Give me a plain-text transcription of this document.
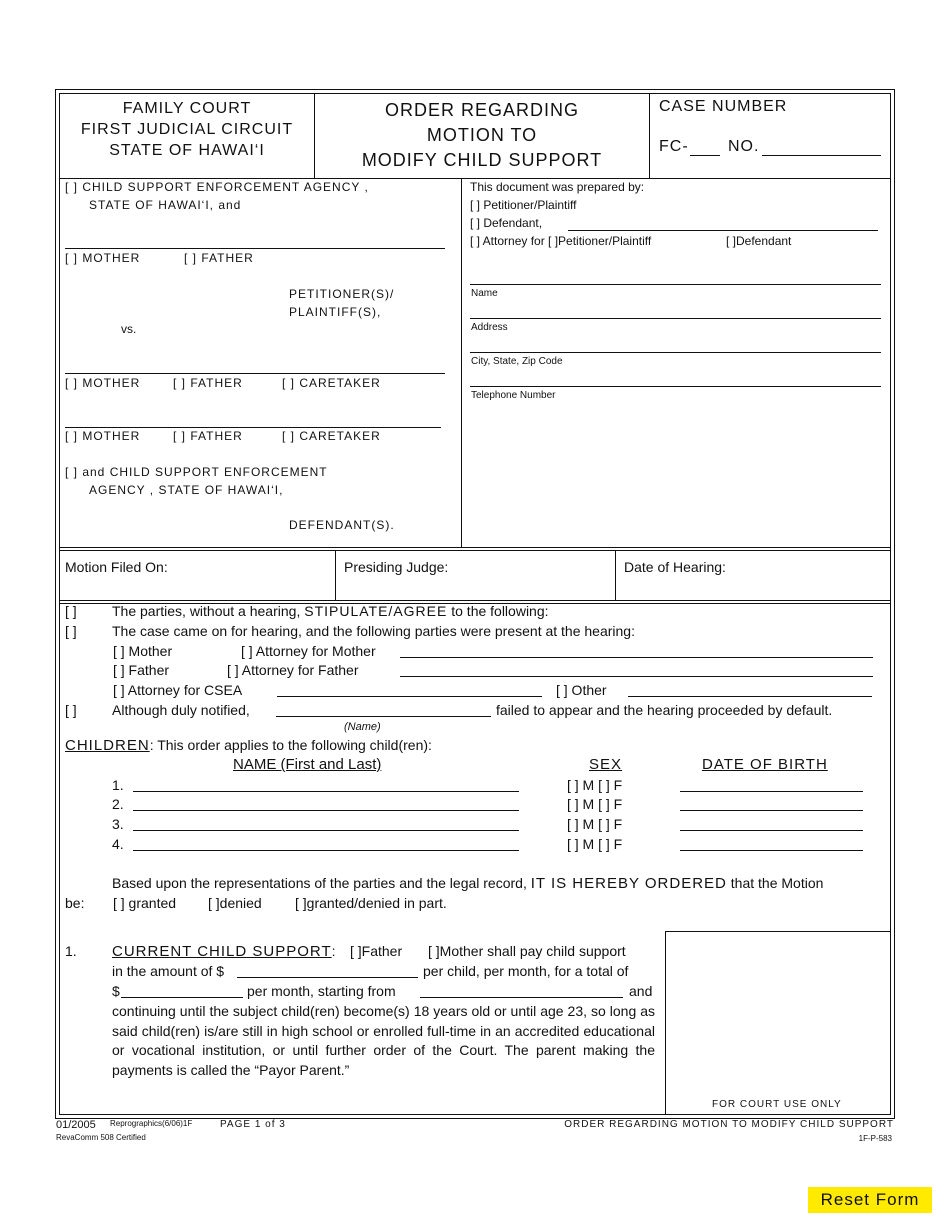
FAMILY COURT
FIRST JUDICIAL CIRCUIT
STATE OF HAWAI‘I
ORDER REGARDING
MOTION TO
MODIFY CHILD SUPPORT
CASE NUMBER
FC- NO.
[ ] CHILD SUPPORT ENFORCEMENT AGENCY ,
STATE OF HAWAI‘I, and
[ ] MOTHER	[ ] FATHER
PETITIONER(S)/
PLAINTIFF(S),
vs.
[ ] MOTHER	[ ] FATHER	[ ] CARETAKER
[ ] MOTHER	[ ] FATHER	[ ] CARETAKER
[ ] and CHILD SUPPORT ENFORCEMENT
AGENCY , STATE OF HAWAI‘I,
DEFENDANT(S).
This document was prepared by:
[ ] Petitioner/Plaintiff
[ ] Defendant,
[ ] Attorney for [ ]Petitioner/Plaintiff	[ ]Defendant
Name
Address
City, State, Zip Code
Telephone Number
Motion Filed On:	Presiding Judge:	Date of Hearing:
[ ]	The parties, without a hearing, STIPULATE/AGREE to the following:
[ ]	The case came on for hearing, and the following parties were present at the hearing:
[ ] Mother	[ ] Attorney for Mother
[ ] Father	[ ] Attorney for Father
[ ] Attorney for CSEA	[ ] Other
[ ]	Although duly notified,	failed to appear and the hearing proceeded by default.
(Name)
CHILDREN: This order applies to the following child(ren):
NAME (First and Last)	SEX	DATE OF BIRTH
1.	[ ] M [ ] F
2.	[ ] M [ ] F
3.	[ ] M [ ] F
4.	[ ] M [ ] F
Based upon the representations of the parties and the legal record, IT IS HEREBY ORDERED that the Motion
be: [ ] granted [ ]denied [ ]granted/denied in part.
FOR COURT USE ONLY
1. CURRENT CHILD SUPPORT: [ ]Father [ ]Mother shall pay child support
in the amount of $	per child, per month, for a total of
$	per month, starting from	and
continuing until the subject child(ren) become(s) 18 years old or until age 23, so long as said child(ren) is/are still in high school or enrolled full-time in an accredited educational or vocational institution, or until further order of the Court. The parent making the payments is called the “Payor Parent.”
01/2005 Reprographics(6/06)1F	PAGE 1 of 3
RevaComm 508 Certified
ORDER REGARDING MOTION TO MODIFY CHILD SUPPORT
1F-P-583
Reset Form
